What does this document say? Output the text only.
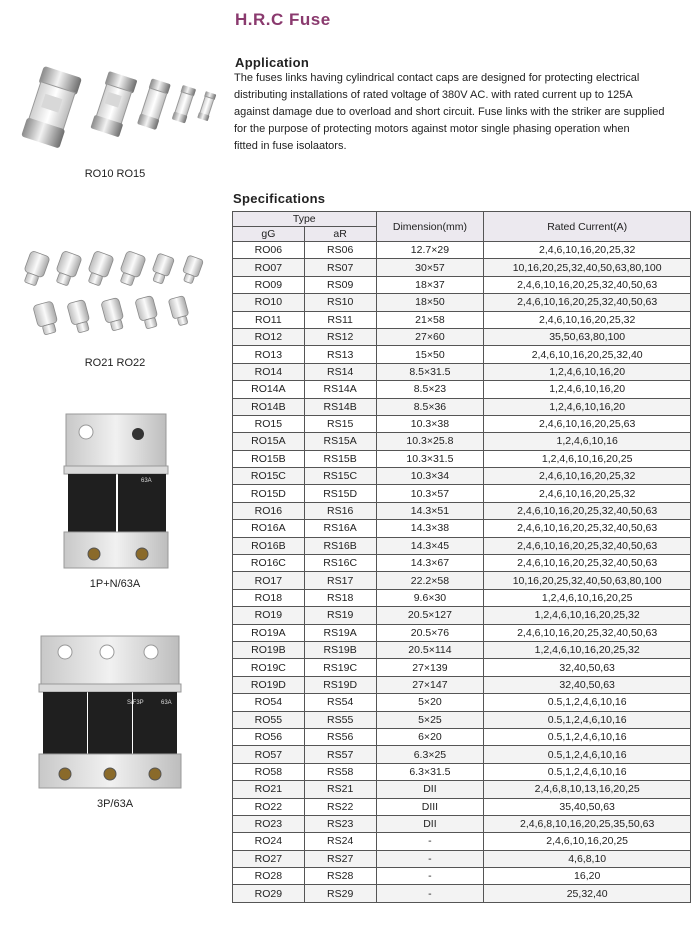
H.R.C Fuse
Application
The fuses links having cylindrical contact caps are designed for protecting electrical
distributing installations of rated voltage of 380V AC. with rated current up to 125A
against damage due to overload and short circuit. Fuse links with the striker are supplied
for the purpose of protecting motors against motor single phasing operation when
fitted in fuse isolaators.
RO10 RO15
RO21 RO22
63A
1P+N/63A
S/F3P	63A
3P/63A
Specifications
Type		Dimension(mm)	Rated Current(A)
gG	aR		
RO06	RS06	12.7×29	2,4,6,10,16,20,25,32
RO07	RS07	30×57	10,16,20,25,32,40,50,63,80,100
RO09	RS09	18×37	2,4,6,10,16,20,25,32,40,50,63
RO10	RS10	18×50	2,4,6,10,16,20,25,32,40,50,63
RO11	RS11	21×58	2,4,6,10,16,20,25,32
RO12	RS12	27×60	35,50,63,80,100
RO13	RS13	15×50	2,4,6,10,16,20,25,32,40
RO14	RS14	8.5×31.5	1,2,4,6,10,16,20
RO14A	RS14A	8.5×23	1,2,4,6,10,16,20
RO14B	RS14B	8.5×36	1,2,4,6,10,16,20
RO15	RS15	10.3×38	2,4,6,10,16,20,25,63
RO15A	RS15A	10.3×25.8	1,2,4,6,10,16
RO15B	RS15B	10.3×31.5	1,2,4,6,10,16,20,25
RO15C	RS15C	10.3×34	2,4,6,10,16,20,25,32
RO15D	RS15D	10.3×57	2,4,6,10,16,20,25,32
RO16	RS16	14.3×51	2,4,6,10,16,20,25,32,40,50,63
RO16A	RS16A	14.3×38	2,4,6,10,16,20,25,32,40,50,63
RO16B	RS16B	14.3×45	2,4,6,10,16,20,25,32,40,50,63
RO16C	RS16C	14.3×67	2,4,6,10,16,20,25,32,40,50,63
RO17	RS17	22.2×58	10,16,20,25,32,40,50,63,80,100
RO18	RS18	9.6×30	1,2,4,6,10,16,20,25
RO19	RS19	20.5×127	1,2,4,6,10,16,20,25,32
RO19A	RS19A	20.5×76	2,4,6,10,16,20,25,32,40,50,63
RO19B	RS19B	20.5×114	1,2,4,6,10,16,20,25,32
RO19C	RS19C	27×139	32,40,50,63
RO19D	RS19D	27×147	32,40,50,63
RO54	RS54	5×20	0.5,1,2,4,6,10,16
RO55	RS55	5×25	0.5,1,2,4,6,10,16
RO56	RS56	6×20	0.5,1,2,4,6,10,16
RO57	RS57	6.3×25	0.5,1,2,4,6,10,16
RO58	RS58	6.3×31.5	0.5,1,2,4,6,10,16
RO21	RS21	DII	2,4,6,8,10,13,16,20,25
RO22	RS22	DIII	35,40,50,63
RO23	RS23	DII	2,4,6,8,10,16,20,25,35,50,63
RO24	RS24	-	2,4,6,10,16,20,25
RO27	RS27	-	4,6,8,10
RO28	RS28	-	16,20
RO29	RS29	-	25,32,40
